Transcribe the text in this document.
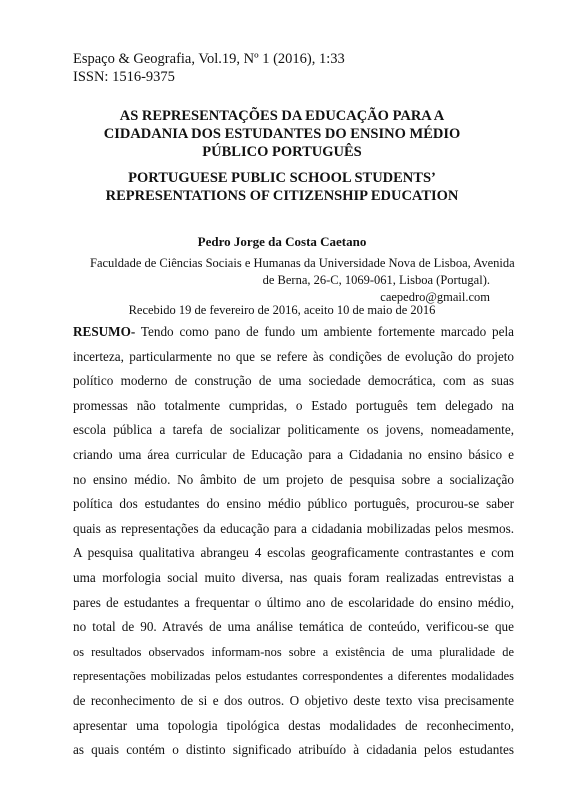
Espaço & Geografia, Vol.19, Nº 1 (2016), 1:33
ISSN: 1516-9375
AS REPRESENTAÇÕES DA EDUCAÇÃO PARA A
CIDADANIA DOS ESTUDANTES DO ENSINO MÉDIO
PÚBLICO PORTUGUÊS
PORTUGUESE PUBLIC SCHOOL STUDENTS’
REPRESENTATIONS OF CITIZENSHIP EDUCATION
Pedro Jorge da Costa Caetano
Faculdade de Ciências Sociais e Humanas da Universidade Nova de Lisboa, Avenida
de Berna, 26-C, 1069-061, Lisboa (Portugal).
caepedro@gmail.com
Recebido 19 de fevereiro de 2016, aceito 10 de maio de 2016
RESUMO- Tendo como pano de fundo um ambiente fortemente marcado pela
incerteza, particularmente no que se refere às condições de evolução do projeto
político moderno de construção de uma sociedade democrática, com as suas
promessas não totalmente cumpridas, o Estado português tem delegado na
escola pública a tarefa de socializar politicamente os jovens, nomeadamente,
criando uma área curricular de Educação para a Cidadania no ensino básico e
no ensino médio. No âmbito de um projeto de pesquisa sobre a socialização
política dos estudantes do ensino médio público português, procurou-se saber
quais as representações da educação para a cidadania mobilizadas pelos mesmos.
A pesquisa qualitativa abrangeu 4 escolas geograficamente contrastantes e com
uma morfologia social muito diversa, nas quais foram realizadas entrevistas a
pares de estudantes a frequentar o último ano de escolaridade do ensino médio,
no total de 90. Através de uma análise temática de conteúdo, verificou-se que
os resultados observados informam-nos sobre a existência de uma pluralidade de
representações mobilizadas pelos estudantes correspondentes a diferentes modalidades
de reconhecimento de si e dos outros. O objetivo deste texto visa precisamente
apresentar uma topologia tipológica destas modalidades de reconhecimento,
as quais contém o distinto significado atribuído à cidadania pelos estudantes
